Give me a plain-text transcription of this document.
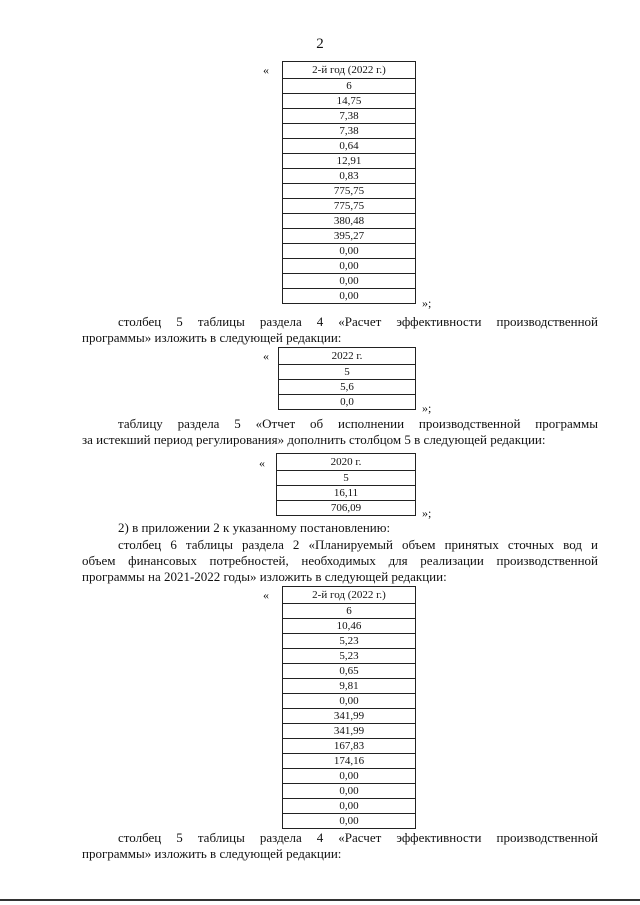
2
«	2-й год (2022 г.)
6
14,75
7,38
7,38
0,64
12,91
0,83
775,75
775,75
380,48
395,27
0,00
0,00
0,00
0,00
»;
столбец 5 таблицы раздела 4 «Расчет эффективности производственной
программы» изложить в следующей редакции:
«	2022 г.
5
5,6
0,0	»;
таблицу раздела 5 «Отчет об исполнении производственной программы
за истекший период регулирования» дополнить столбцом 5 в следующей редакции:
«	2020 г.
5
16,11
706,09	»;
2) в приложении 2 к указанному постановлению:
столбец 6 таблицы раздела 2 «Планируемый объем принятых сточных вод и
объем финансовых потребностей, необходимых для реализации производственной
программы на 2021-2022 годы» изложить в следующей редакции:
«	2-й год (2022 г.)
6
10,46
5,23
5,23
0,65
9,81
0,00
341,99
341,99
167,83
174,16
0,00
0,00
0,00
0,00
столбец 5 таблицы раздела 4 «Расчет эффективности производственной
программы» изложить в следующей редакции:
